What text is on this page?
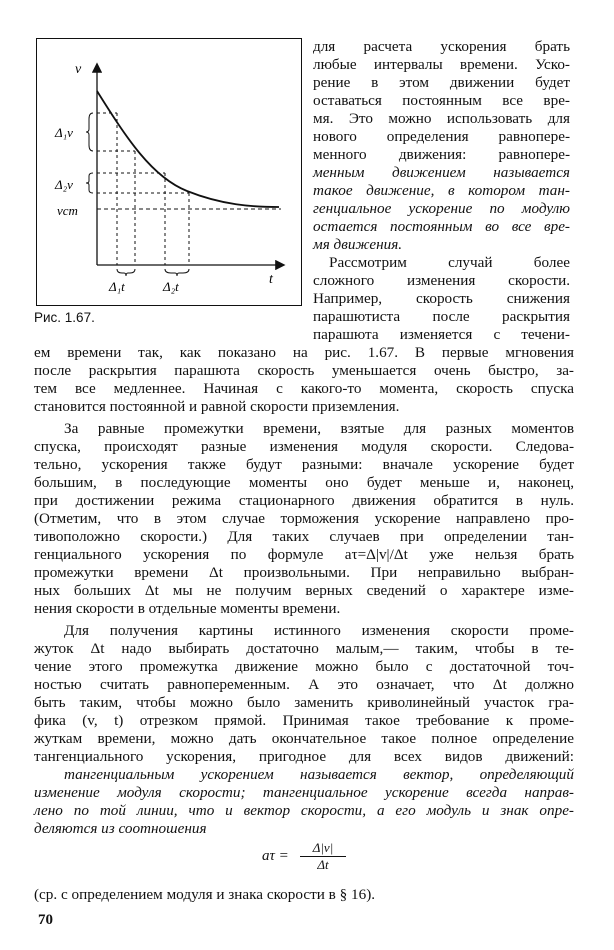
v
t
Δ₁v
Δ₂v
vст
Δ₁t	Δ₂t
Рис. 1.67.
для расчета ускорения брать
любые интервалы времени. Уско-
рение в этом движении будет
оставаться постоянным все вре-
мя. Это можно использовать для
нового определения равнопере-
менного движения: равнопере-
менным движением называется
такое движение, в котором тан-
генциальное ускорение по модулю
остается постоянным во все вре-
мя движения.
Рассмотрим случай более
сложного изменения скорости.
Например, скорость снижения
парашютиста после раскрытия
парашюта изменяется с течени-
ем времени так, как показано на рис. 1.67. В первые мгновения
после раскрытия парашюта скорость уменьшается очень быстро, за-
тем все медленнее. Начиная с какого-то момента, скорость спуска
становится постоянной и равной скорости приземления.
За равные промежутки времени, взятые для разных моментов
спуска, происходят разные изменения модуля скорости. Следова-
тельно, ускорения также будут разными: вначале ускорение будет
большим, в последующие моменты оно будет меньше и, наконец,
при достижении режима стационарного движения обратится в нуль.
(Отметим, что в этом случае торможения ускорение направлено про-
тивоположно скорости.) Для таких случаев при определении тан-
генциального ускорения по формуле aτ=Δ|v|/Δt уже нельзя брать
промежутки времени Δt произвольными. При неправильно выбран-
ных больших Δt мы не получим верных сведений о характере изме-
нения скорости в отдельные моменты времени.
Для получения картины истинного изменения скорости проме-
жуток Δt надо выбирать достаточно малым,— таким, чтобы в те-
чение этого промежутка движение можно было с достаточной точ-
ностью считать равнопеременным. А это означает, что Δt должно
быть таким, чтобы можно было заменить криволинейный участок гра-
фика (v, t) отрезком прямой. Принимая такое требование к проме-
жуткам времени, можно дать окончательное такое полное определение
тангенциального ускорения, пригодное для всех видов движений:
тангенциальным ускорением называется вектор, определяющий
изменение модуля скорости; тангенциальное ускорение всегда направ-
лено по той линии, что и вектор скорости, а его модуль и знак опре-
деляются из соотношения
$a\tau = \frac{\Delta|v|}{\Delta t}$
(ср. с определением модуля и знака скорости в § 16).
70
